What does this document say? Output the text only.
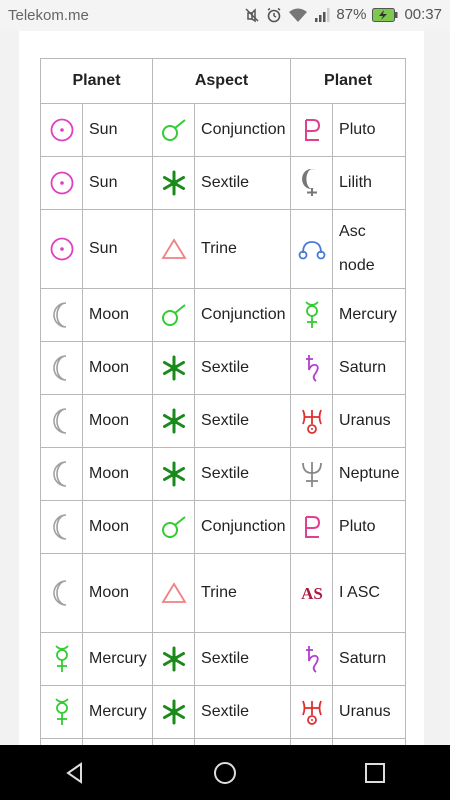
Telekom.me	87%	00:37
Planet		Aspect		Planet	

	Sun		Conjunction		Pluto

	Sun		Sextile		Lilith

	Sun		Trine		Asc node

	Moon		Conjunction		Mercury

	Moon		Sextile		Saturn

	Moon		Sextile		Uranus

	Moon		Sextile		Neptune

	Moon		Conjunction		Pluto

	Moon		Trine	AS	I ASC

	Mercury		Sextile		Saturn

	Mercury		Sextile		Uranus
